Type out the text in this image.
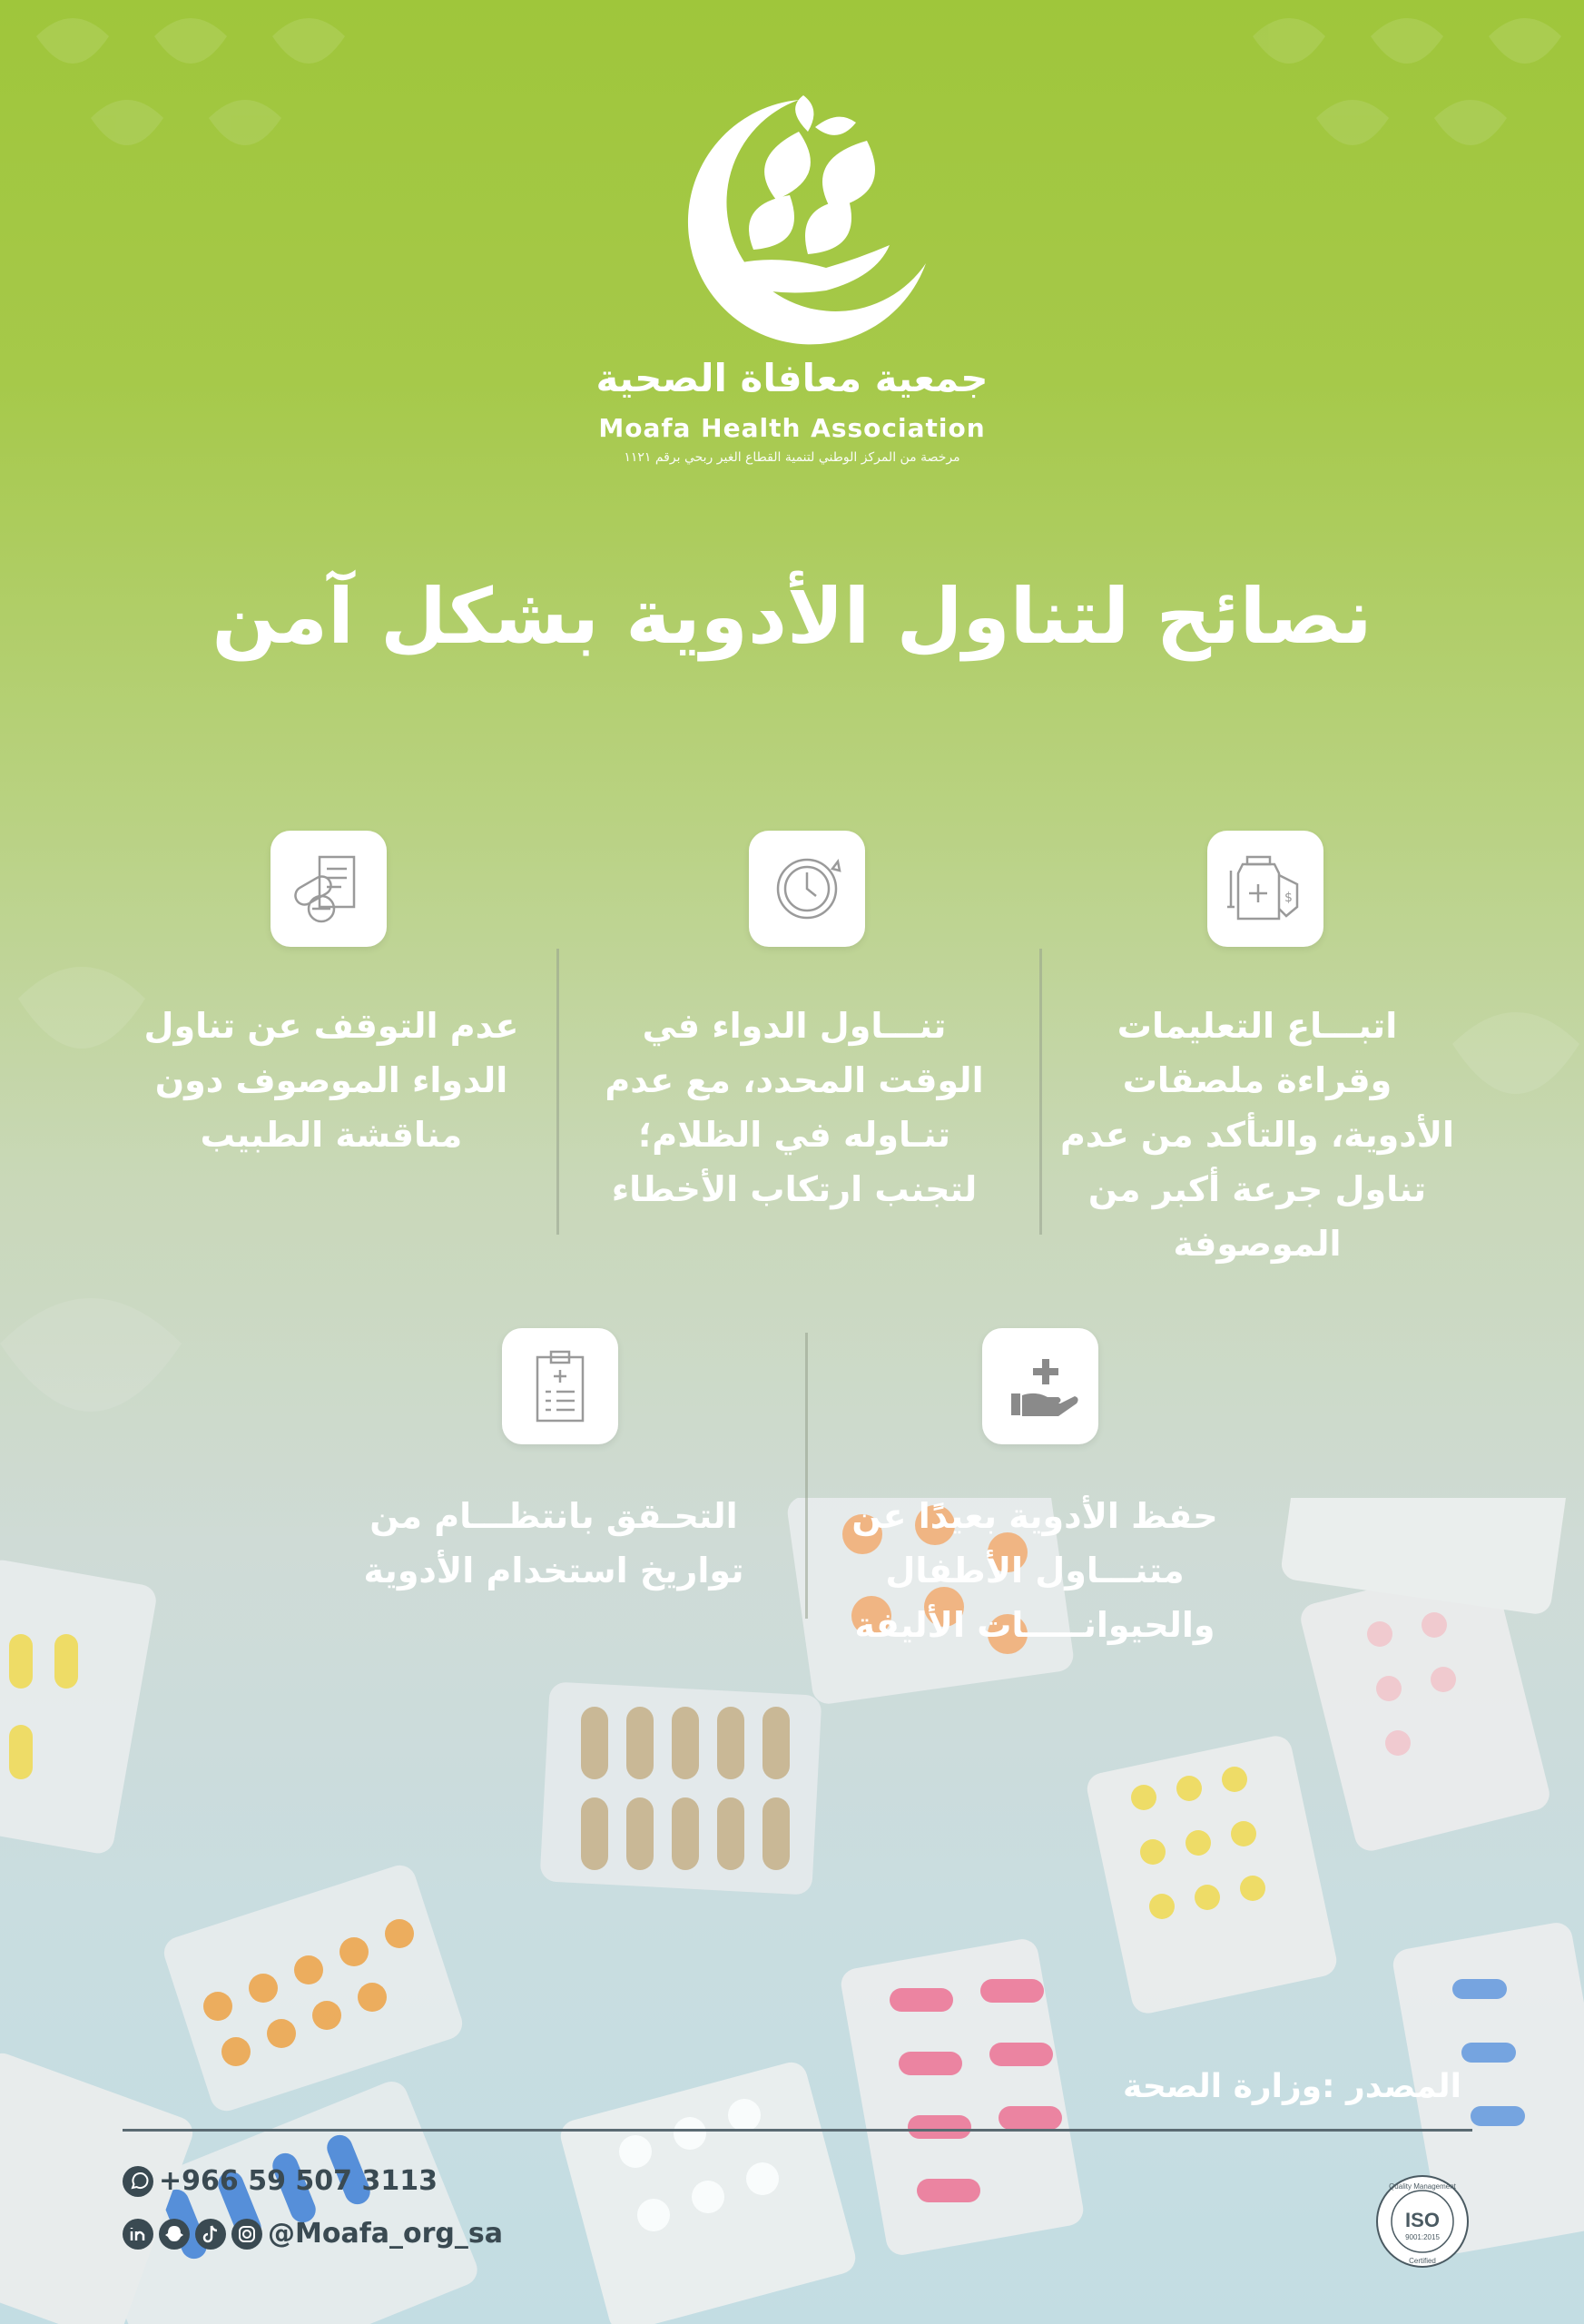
جمعية معافاة الصحية
Moafa Health Association
مرخصة من المركز الوطني لتنمية القطاع الغير ربحي برقم ١١٢١
نصائح لتناول الأدوية بشكل آمن
$
اتبـــاع التعليمات وقراءة ملصقات الأدوية، والتأكد من عدم تناول جرعة أكبر من الموصوفة
تنـــاول الدواء في الوقت المحدد، مع عدم تنـاوله في الظلام؛ لتجنب ارتكاب الأخطاء
عدم التوقف عن تناول الدواء الموصوف دون مناقشة الطبيب
حفظ الأدوية بعيدًا عن متنـــاول الأطفال والحيوانـــــات الأليفة
التحـقق بانتظـــام من تواريخ استخدام الأدوية
المصدر :وزارة الصحة
+966 59 507 3113
@Moafa_org_sa
Quality Management
ISO
9001:2015
Certified
